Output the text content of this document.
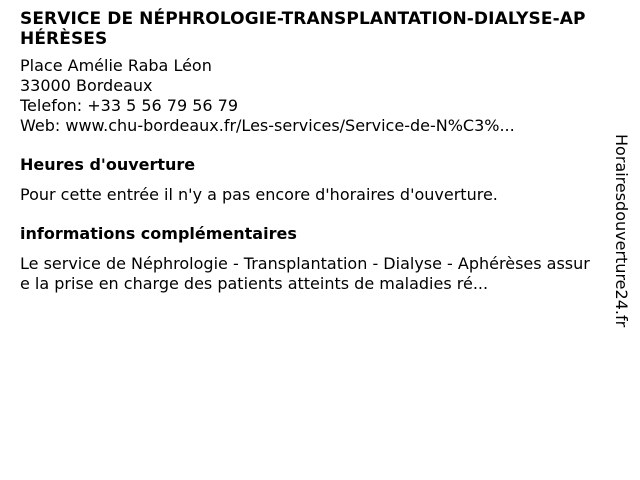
SERVICE DE NÉPHROLOGIE-TRANSPLANTATION-DIALYSE-APHÉRÈSES
Place Amélie Raba Léon
33000 Bordeaux
Telefon: +33 5 56 79 56 79
Web: www.chu-bordeaux.fr/Les-services/Service-de-N%C3%...
Heures d'ouverture
Pour cette entrée il n'y a pas encore d'horaires d'ouverture.
informations complémentaires
Le service de Néphrologie - Transplantation - Dialyse - Aphérèses assure la prise en charge des patients atteints de maladies ré...	Horairesdouverture24.fr
